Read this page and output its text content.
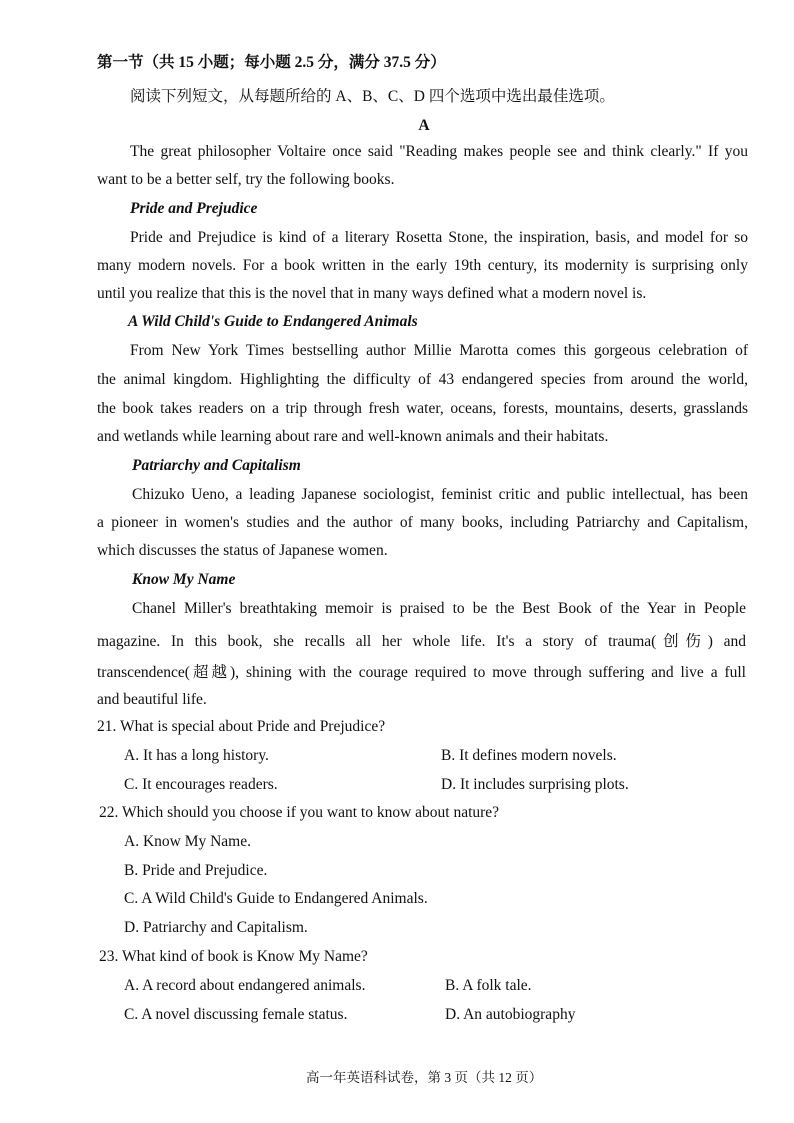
第一节（共 15 小题；每小题 2.5 分，满分 37.5 分）
阅读下列短文，从每题所给的 A、B、C、D 四个选项中选出最佳选项。
A
The great philosopher Voltaire once said "Reading makes people see and think clearly." If you
want to be a better self, try the following books.
Pride and Prejudice
Pride and Prejudice is kind of a literary Rosetta Stone, the inspiration, basis, and model for so
many modern novels. For a book written in the early 19th century, its modernity is surprising only
until you realize that this is the novel that in many ways defined what a modern novel is.
A Wild Child's Guide to Endangered Animals
From New York Times bestselling author Millie Marotta comes this gorgeous celebration of
the animal kingdom. Highlighting the difficulty of 43 endangered species from around the world,
the book takes readers on a trip through fresh water, oceans, forests, mountains, deserts, grasslands
and wetlands while learning about rare and well-known animals and their habitats.
Patriarchy and Capitalism
Chizuko Ueno, a leading Japanese sociologist, feminist critic and public intellectual, has been
a pioneer in women's studies and the author of many books, including Patriarchy and Capitalism,
which discusses the status of Japanese women.
Know My Name
Chanel Miller's breathtaking memoir is praised to be the Best Book of the Year in People
magazine. In this book, she recalls all her whole life. It's a story of trauma(创伤) and
transcendence(超越), shining with the courage required to move through suffering and live a full
and beautiful life.
21. What is special about Pride and Prejudice?
A. It has a long history.	B. It defines modern novels.
C. It encourages readers.	D. It includes surprising plots.
22. Which should you choose if you want to know about nature?
A. Know My Name.
B. Pride and Prejudice.
C. A Wild Child's Guide to Endangered Animals.
D. Patriarchy and Capitalism.
23. What kind of book is Know My Name?
A. A record about endangered animals.	B. A folk tale.
C. A novel discussing female status.	D. An autobiography
高一年英语科试卷，第 3 页（共 12 页）
